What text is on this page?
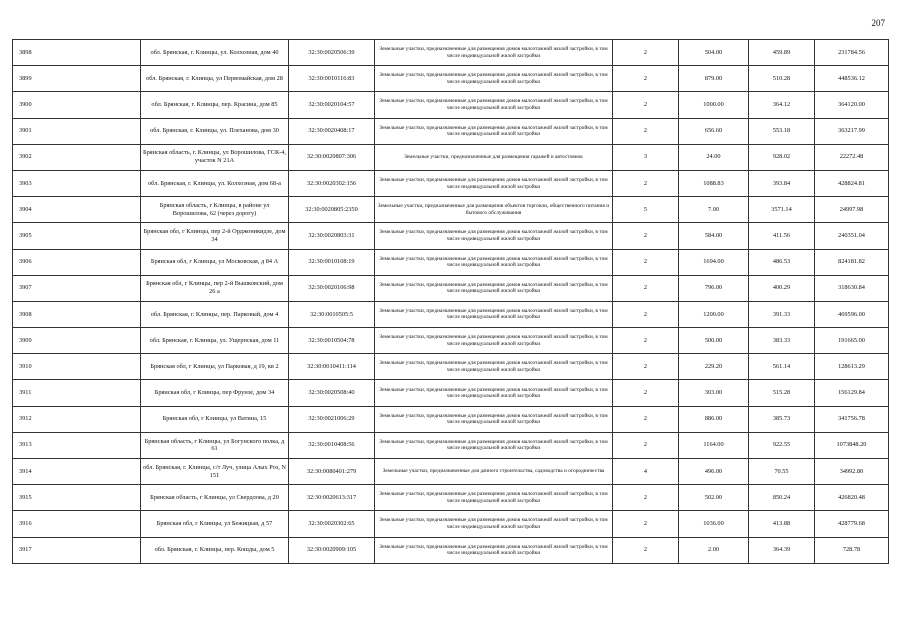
207
3898	обл. Брянская, г. Клинцы, ул. Колхозная, дом 40	32:30:0020506:39	Земельные участки, предназначенные для размещения домов малоэтажной жилой застройки, в том числе индивидуальной жилой застройки	2	504.00	459.89	231784.56
3899	обл. Брянская, г. Клинцы, ул Первомайская, дом 28	32:30:0010116:83	Земельные участки, предназначенные для размещения домов малоэтажной жилой застройки, в том числе индивидуальной жилой застройки	2	879.00	510.28	448536.12
3900	обл. Брянская, г. Клинцы, пер. Красина, дом 85	32:30:0020104:57	Земельные участки, предназначенные для размещения домов малоэтажной жилой застройки, в том числе индивидуальной жилой застройки	2	1000.00	364.12	364120.00
3901	обл. Брянская, г. Клинцы, ул. Плеханова, дом 30	32:30:0020408:17	Земельные участки, предназначенные для размещения домов малоэтажной жилой застройки, в том числе индивидуальной жилой застройки	2	656.60	553.18	363217.99
3902	Брянская область, г. Клинцы, ул Ворошилова, ГСК-4, участок N 21А	32:30:0020807:306	Земельные участки, предназначенные для размещения гаражей и автостоянок	3	24.00	928.02	22272.48
3903	обл. Брянская, г. Клинцы, ул. Колхозная, дом 68-а	32:30:0020302:156	Земельные участки, предназначенные для размещения домов малоэтажной жилой застройки, в том числе индивидуальной жилой застройки	2	1088.83	393.84	428824.81
3904	Брянская область, г Клинцы, в районе ул Ворошилова, 62 (через дорогу)	32:30:0020805:2350	Земельные участки, предназначенные для размещения объектов торговли, общественного питания и бытового обслуживания	5	7.00	3571.14	24997.98
3905	Брянская обл, г Клинцы, пер 2-й Орджоникидзе, дом 34	32:30:0020803:31	Земельные участки, предназначенные для размещения домов малоэтажной жилой застройки, в том числе индивидуальной жилой застройки	2	584.00	411.56	240351.04
3906	Брянская обл, г Клинцы, ул Московская, д 84 А	32:30:0010108:19	Земельные участки, предназначенные для размещения домов малоэтажной жилой застройки, в том числе индивидуальной жилой застройки	2	1694.00	486.53	824181.82
3907	Брянская обл, г Клинцы, пер 2-й Вышковский, дом 26 а	32:30:0020106:98	Земельные участки, предназначенные для размещения домов малоэтажной жилой застройки, в том числе индивидуальной жилой застройки	2	796.00	400.29	318630.84
3908	обл. Брянская, г. Клинцы, пер. Парковый, дом 4	32:30:0010505:5	Земельные участки, предназначенные для размещения домов малоэтажной жилой застройки, в том числе индивидуальной жилой застройки	2	1200.00	391.33	469596.00
3909	обл. Брянская, г. Клинцы, ул. Ущерпская, дом 11	32:30:0010504:78	Земельные участки, предназначенные для размещения домов малоэтажной жилой застройки, в том числе индивидуальной жилой застройки	2	500.00	383.33	191665.00
3910	Брянская обл, г Клинцы, ул Парковая, д 19, кв 2	32:30:0010411:114	Земельные участки, предназначенные для размещения домов малоэтажной жилой застройки, в том числе индивидуальной жилой застройки	2	229.20	561.14	128613.29
3911	Брянская обл, г Клинцы, пер Фрунзе, дом 34	32:30:0020508:40	Земельные участки, предназначенные для размещения домов малоэтажной жилой застройки, в том числе индивидуальной жилой застройки	2	303.00	515.28	156129.84
3912	Брянская обл, г Клинцы, ул Ватина, 15	32:30:0021006:29	Земельные участки, предназначенные для размещения домов малоэтажной жилой застройки, в том числе индивидуальной жилой застройки	2	886.00	385.73	341756.78
3913	Брянская область, г Клинцы, ул Богунского полка, д 61	32:30:0010408:56	Земельные участки, предназначенные для размещения домов малоэтажной жилой застройки, в том числе индивидуальной жилой застройки	2	1164.00	922.55	1073848.20
3914	обл. Брянская, г. Клинцы, с/т Луч, улица Алых Роз, N 151	32:30:0080401:279	Земельные участки, предназначенные для дачного строительства, садоводства и огородничества	4	496.00	70.55	34992.80
3915	Брянская область, г Клинцы, ул Свердлова, д 20	32:30:0020613:317	Земельные участки, предназначенные для размещения домов малоэтажной жилой застройки, в том числе индивидуальной жилой застройки	2	502.00	850.24	426820.48
3916	Брянская обл, г Клинцы, ул Бежицкая, д 57	32:30:0020302:65	Земельные участки, предназначенные для размещения домов малоэтажной жилой застройки, в том числе индивидуальной жилой застройки	2	1036.00	413.88	428779.68
3917	обл. Брянская, г. Клинцы, пер. Кошды, дом 5	32:30:0020909:105	Земельные участки, предназначенные для размещения домов малоэтажной жилой застройки, в том числе индивидуальной жилой застройки	2	2.00	364.39	728.78
